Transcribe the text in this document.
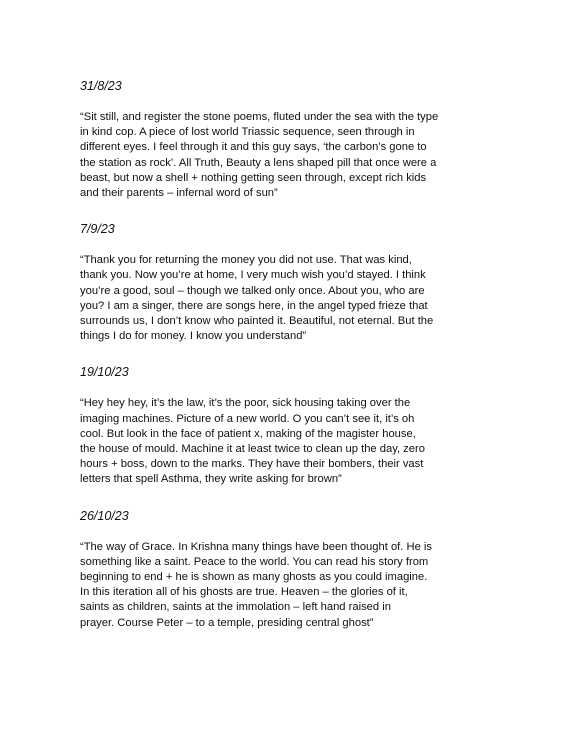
31/8/23
“Sit still, and register the stone poems, fluted under the sea with the type
in kind cop. A piece of lost world Triassic sequence, seen through in
different eyes. I feel through it and this guy says, ‘the carbon’s gone to
the station as rock’. All Truth, Beauty a lens shaped pill that once were a
beast, but now a shell + nothing getting seen through, except rich kids
and their parents – infernal word of sun”
7/9/23
“Thank you for returning the money you did not use. That was kind,
thank you. Now you’re at home, I very much wish you’d stayed. I think
you’re a good, soul – though we talked only once. About you, who are
you? I am a singer, there are songs here, in the angel typed frieze that
surrounds us, I don’t know who painted it. Beautiful, not eternal. But the
things I do for money. I know you understand”
19/10/23
“Hey hey hey, it’s the law, it’s the poor, sick housing taking over the
imaging machines. Picture of a new world. O you can’t see it, it’s oh
cool. But look in the face of patient x, making of the magister house,
the house of mould. Machine it at least twice to clean up the day, zero
hours + boss, down to the marks. They have their bombers, their vast
letters that spell Asthma, they write asking for brown”
26/10/23
“The way of Grace. In Krishna many things have been thought of. He is
something like a saint. Peace to the world. You can read his story from
beginning to end + he is shown as many ghosts as you could imagine.
In this iteration all of his ghosts are true. Heaven – the glories of it,
saints as children, saints at the immolation – left hand raised in
prayer. Course Peter – to a temple, presiding central ghost”
